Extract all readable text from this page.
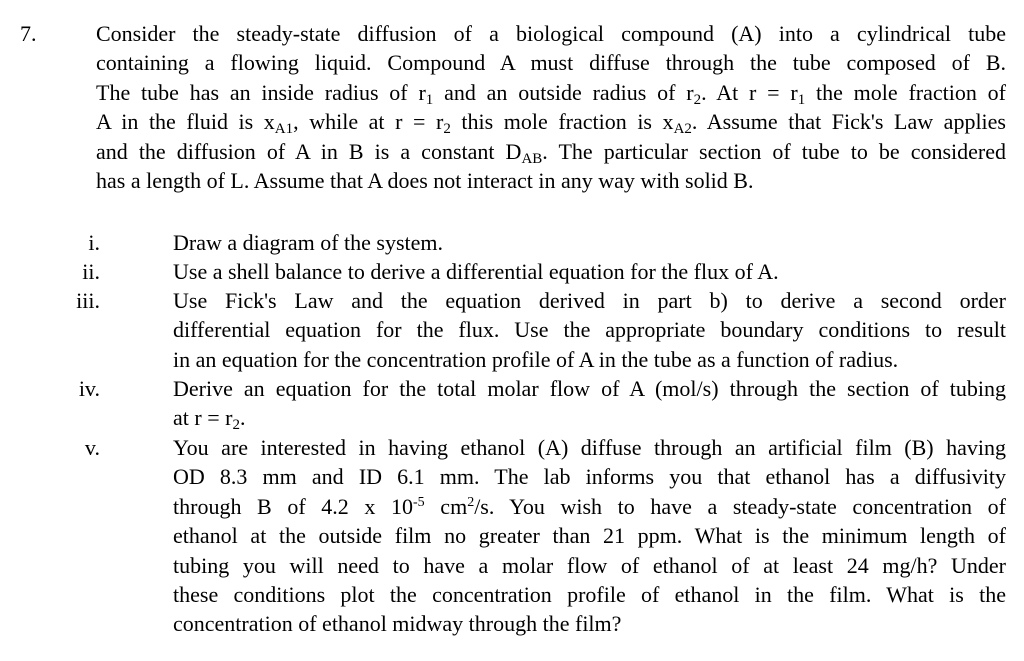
7.	Consider the steady-state diffusion of a biological compound (A) into a cylindrical tube
containing a flowing liquid. Compound A must diffuse through the tube composed of B.
The tube has an inside radius of $r_1$ and an outside radius of $r_2$. At $r = r_1$ the mole fraction of
A in the fluid is $x_{A1}$, while at $r = r_2$ this mole fraction is $x_{A2}$. Assume that Fick's Law applies
and the diffusion of A in B is a constant $D_{AB}$. The particular section of tube to be considered
has a length of L. Assume that A does not interact in any way with solid B.
i.	Draw a diagram of the system.
ii.	Use a shell balance to derive a differential equation for the flux of A.
iii.	Use Fick's Law and the equation derived in part b) to derive a second order
differential equation for the flux. Use the appropriate boundary conditions to result
in an equation for the concentration profile of A in the tube as a function of radius.
iv.	Derive an equation for the total molar flow of A (mol/s) through the section of tubing
at $r = r_2$.
v.	You are interested in having ethanol (A) diffuse through an artificial film (B) having
OD 8.3 mm and ID 6.1 mm. The lab informs you that ethanol has a diffusivity
through B of 4.2 x $10^{-5}$ $cm^2/s$. You wish to have a steady-state concentration of
ethanol at the outside film no greater than 21 ppm. What is the minimum length of
tubing you will need to have a molar flow of ethanol of at least 24 mg/h? Under
these conditions plot the concentration profile of ethanol in the film. What is the
concentration of ethanol midway through the film?
